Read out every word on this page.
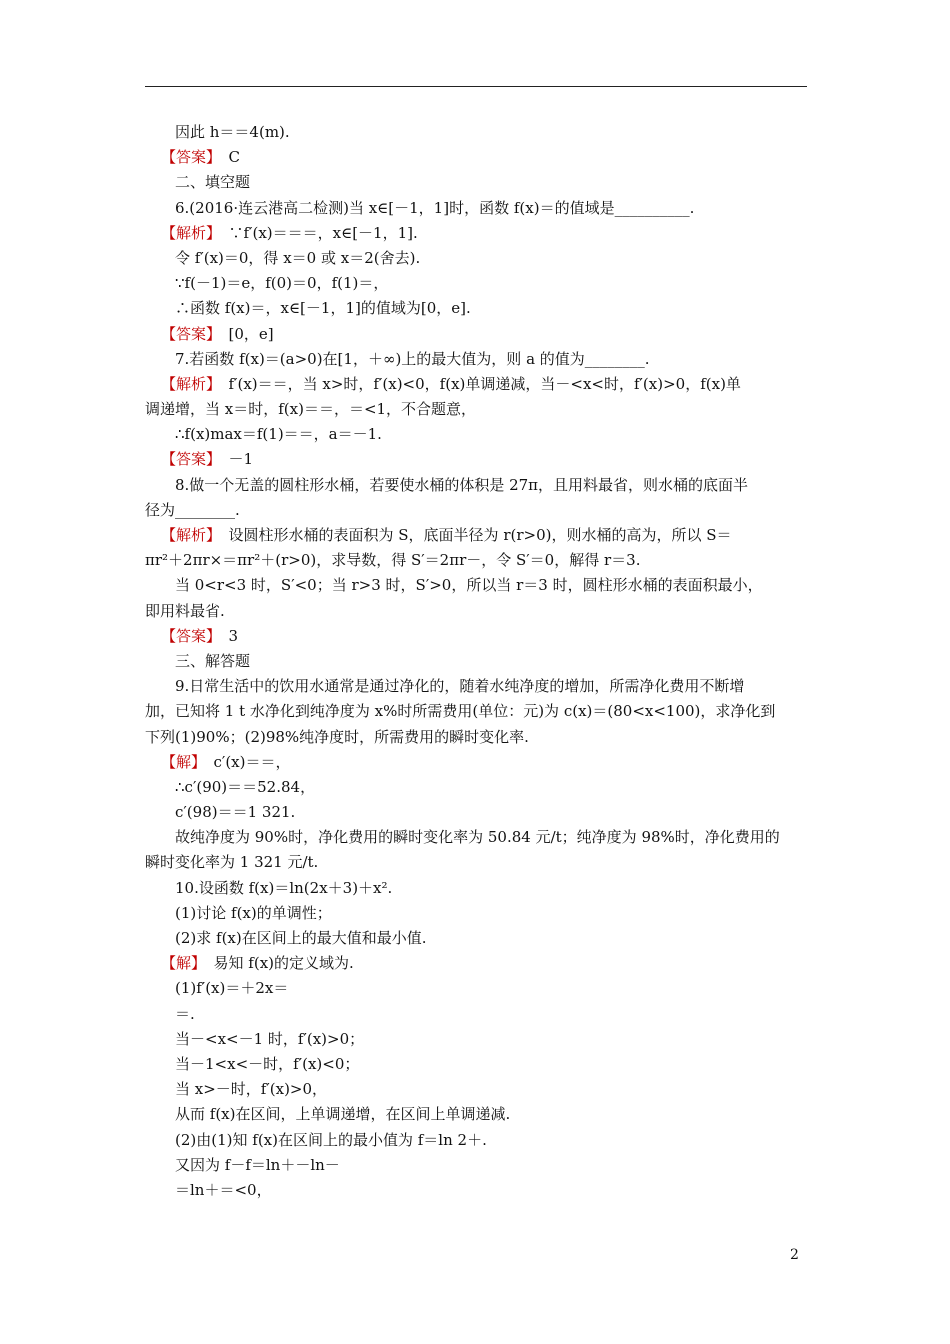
因此 h＝＝4(m).
【答案】　C
二、填空题
6.(2016·连云港高二检测)当 x∈[－1，1]时，函数 f(x)＝的值域是__________.
【解析】　∵f′(x)＝＝＝，x∈[－1，1].
令 f′(x)＝0，得 x＝0 或 x＝2(舍去).
∵f(－1)＝e，f(0)＝0，f(1)＝，
∴函数 f(x)＝，x∈[－1，1]的值域为[0，e].
【答案】　[0，e]
7.若函数 f(x)＝(a>0)在[1，＋∞)上的最大值为，则 a 的值为________.
【解析】　f′(x)＝＝，当 x>时，f′(x)<0，f(x)单调递减，当－<x<时，f′(x)>0，f(x)单
调递增，当 x＝时，f(x)＝＝，＝<1，不合题意，
∴f(x)max＝f(1)＝＝，a＝－1.
【答案】　－1
8.做一个无盖的圆柱形水桶，若要使水桶的体积是 27π，且用料最省，则水桶的底面半
径为________.
【解析】　设圆柱形水桶的表面积为 S，底面半径为 r(r>0)，则水桶的高为，所以 S＝
πr²＋2πr×＝πr²＋(r>0)，求导数，得 S′＝2πr－，令 S′＝0，解得 r＝3.
当 0<r<3 时，S′<0；当 r>3 时，S′>0，所以当 r＝3 时，圆柱形水桶的表面积最小，
即用料最省.
【答案】　3
三、解答题
9.日常生活中的饮用水通常是通过净化的，随着水纯净度的增加，所需净化费用不断增
加，已知将 1 t 水净化到纯净度为 x%时所需费用(单位：元)为 c(x)＝(80<x<100)，求净化到
下列(1)90%；(2)98%纯净度时，所需费用的瞬时变化率.
【解】　c′(x)＝＝，
∴c′(90)＝＝52.84，
c′(98)＝＝1 321.
故纯净度为 90%时，净化费用的瞬时变化率为 50.84 元/t；纯净度为 98%时，净化费用的
瞬时变化率为 1 321 元/t.
10.设函数 f(x)＝ln(2x＋3)＋x².
(1)讨论 f(x)的单调性；
(2)求 f(x)在区间上的最大值和最小值.
【解】　易知 f(x)的定义域为.
(1)f′(x)＝＋2x＝
＝.
当－<x<－1 时，f′(x)>0；
当－1<x<－时，f′(x)<0；
当 x>－时，f′(x)>0，
从而 f(x)在区间，上单调递增，在区间上单调递减.
(2)由(1)知 f(x)在区间上的最小值为 f＝ln 2＋.
又因为 f－f＝ln＋－ln－
＝ln＋＝<0，
2
